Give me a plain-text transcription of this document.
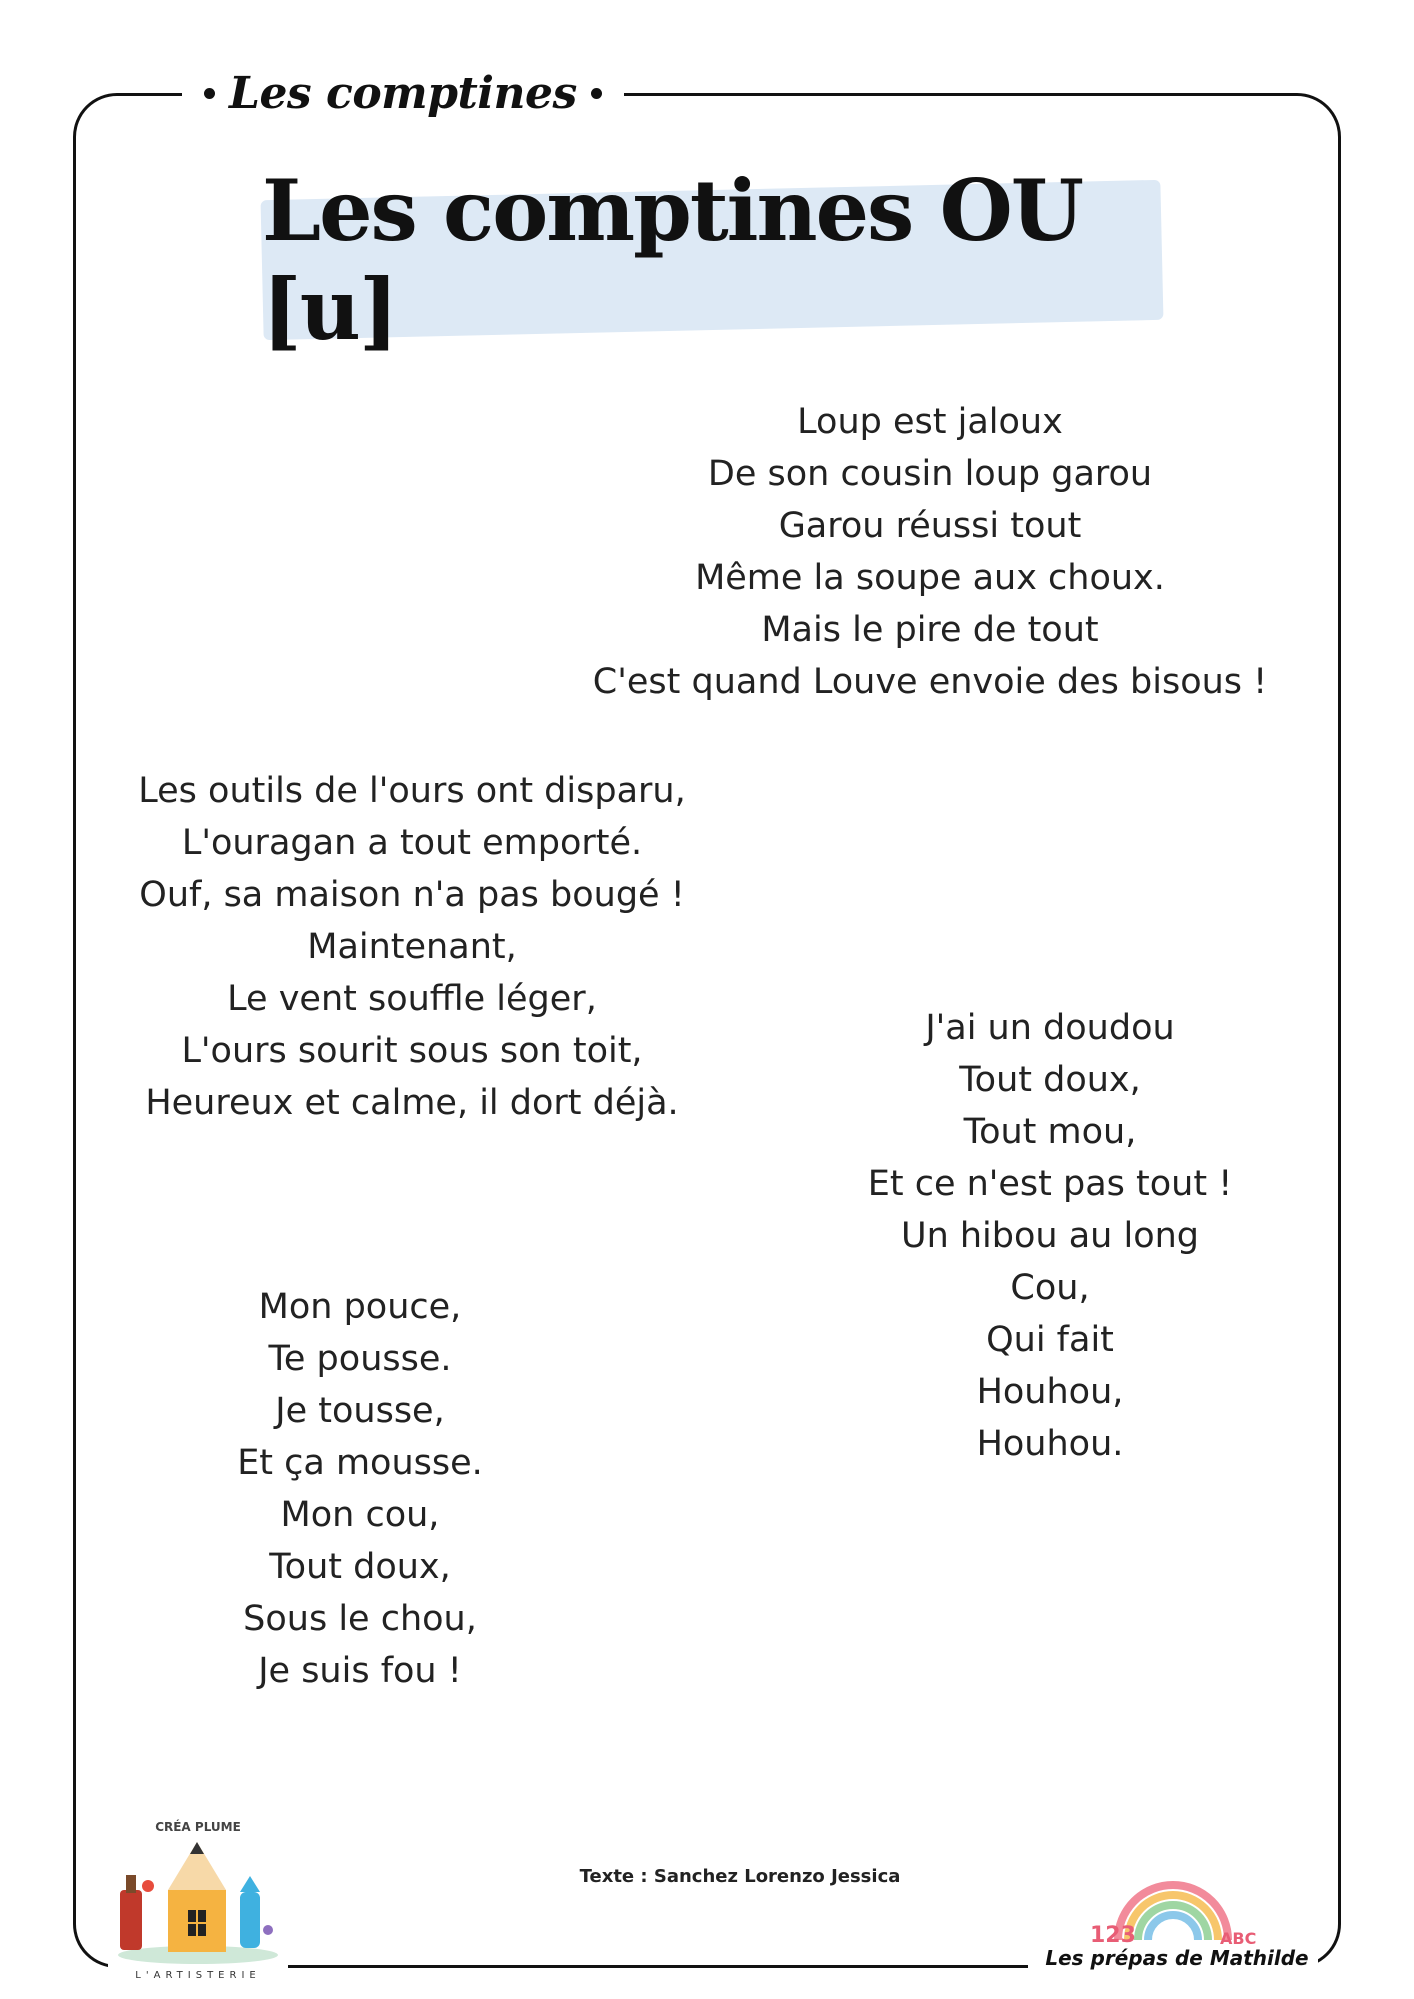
Les comptines
Les comptines OU [u]
Loup est jaloux
De son cousin loup garou
Garou réussi tout
Même la soupe aux choux.
Mais le pire de tout
C'est quand Louve envoie des bisous !
Les outils de l'ours ont disparu,
L'ouragan a tout emporté.
Ouf, sa maison n'a pas bougé !
Maintenant,
Le vent souffle léger,
L'ours sourit sous son toit,
Heureux et calme, il dort déjà.
J'ai un doudou
Tout doux,
Tout mou,
Et ce n'est pas tout !
Un hibou au long
Cou,
Qui fait
Houhou,
Houhou.
Mon pouce,
Te pousse.
Je tousse,
Et ça mousse.
Mon cou,
Tout doux,
Sous le chou,
Je suis fou !
Texte : Sanchez Lorenzo Jessica
CRÉA PLUME
L'ARTISTERIE
123	ABC
Les prépas de Mathilde
